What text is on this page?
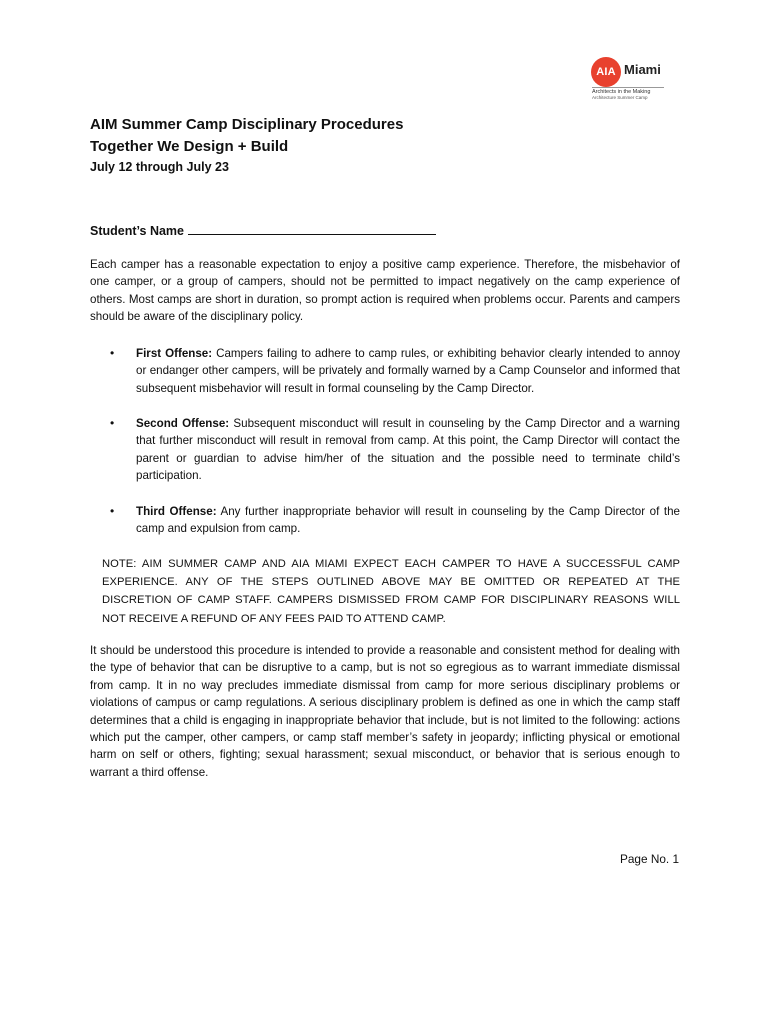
AIA Miami
Architects in the Making
Architecture Summer Camp
AIM Summer Camp Disciplinary Procedures
Together We Design + Build
July 12 through July 23
Student’s Name

Each camper has a reasonable expectation to enjoy a positive camp experience. Therefore, the misbehavior of one camper, or a group of campers, should not be permitted to impact negatively on the camp experience of others. Most camps are short in duration, so prompt action is required when problems occur. Parents and campers should be aware of the disciplinary policy.

• First Offense: Campers failing to adhere to camp rules, or exhibiting behavior clearly intended to annoy or endanger other campers, will be privately and formally warned by a Camp Counselor and informed that subsequent misbehavior will result in formal counseling by the Camp Director.

• Second Offense: Subsequent misconduct will result in counseling by the Camp Director and a warning that further misconduct will result in removal from camp. At this point, the Camp Director will contact the parent or guardian to advise him/her of the situation and the possible need to terminate child’s participation.

• Third Offense: Any further inappropriate behavior will result in counseling by the Camp Director of the camp and expulsion from camp.

NOTE: AIM SUMMER CAMP AND AIA MIAMI EXPECT EACH CAMPER TO HAVE A SUCCESSFUL CAMP EXPERIENCE. ANY OF THE STEPS OUTLINED ABOVE MAY BE OMITTED OR REPEATED AT THE DISCRETION OF CAMP STAFF. CAMPERS DISMISSED FROM CAMP FOR DISCIPLINARY REASONS WILL NOT RECEIVE A REFUND OF ANY FEES PAID TO ATTEND CAMP.

It should be understood this procedure is intended to provide a reasonable and consistent method for dealing with the type of behavior that can be disruptive to a camp, but is not so egregious as to warrant immediate dismissal from camp. It in no way precludes immediate dismissal from camp for more serious disciplinary problems or violations of campus or camp regulations. A serious disciplinary problem is defined as one in which the camp staff determines that a child is engaging in inappropriate behavior that include, but is not limited to the following: actions which put the camper, other campers, or camp staff member’s safety in jeopardy; inflicting physical or emotional harm on self or others, fighting; sexual harassment; sexual misconduct, or behavior that is serious enough to warrant a third offense.

Page No. 1
